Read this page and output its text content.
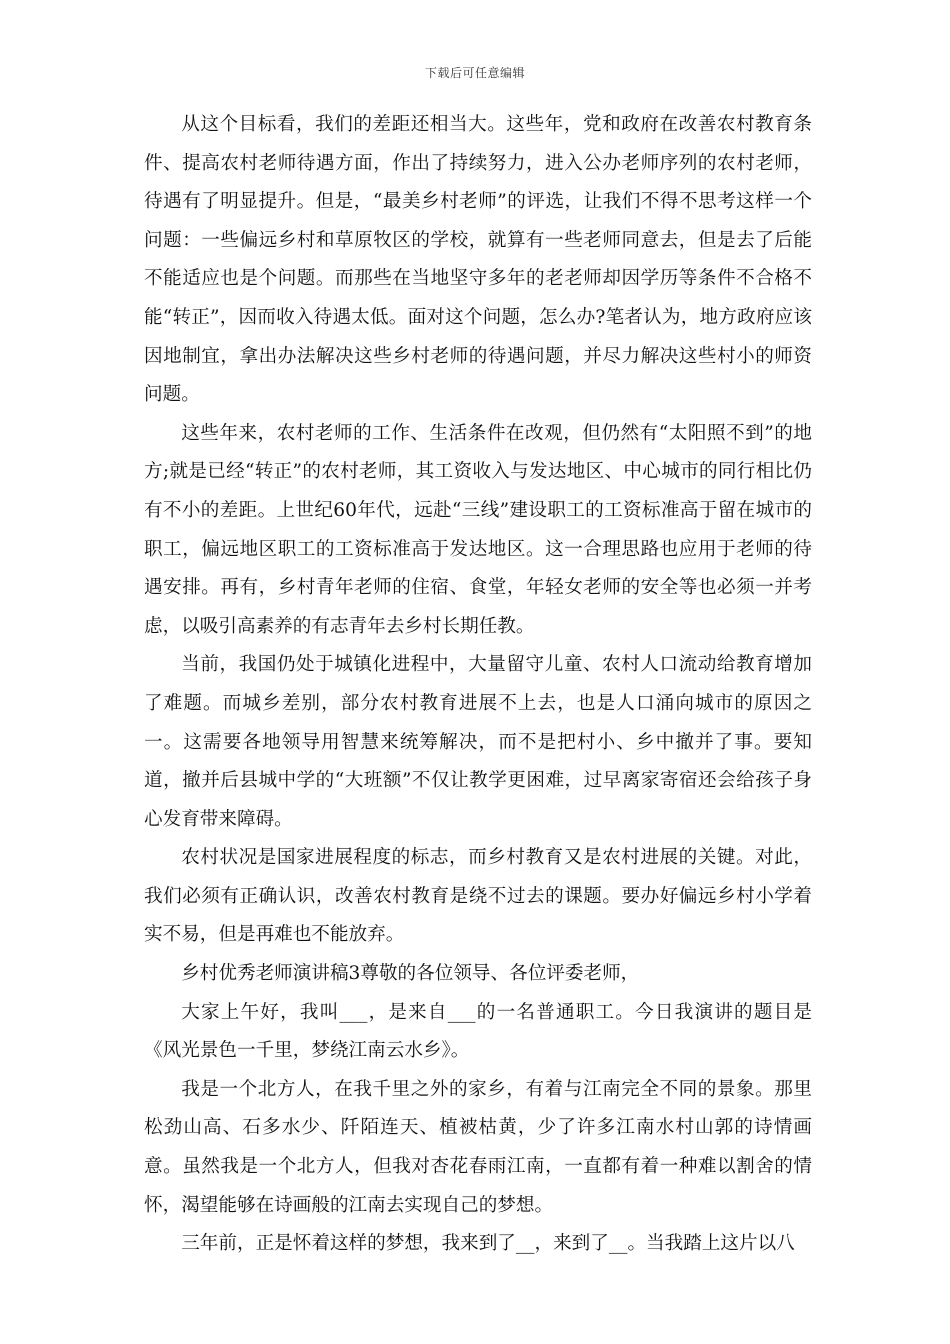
下载后可任意编辑

从这个目标看，我们的差距还相当大。这些年，党和政府在改善农村教育条件、提高农村老师待遇方面，作出了持续努力，进入公办老师序列的农村老师，待遇有了明显提升。但是，“最美乡村老师”的评选，让我们不得不思考这样一个问题：一些偏远乡村和草原牧区的学校，就算有一些老师同意去，但是去了后能不能适应也是个问题。而那些在当地坚守多年的老老师却因学历等条件不合格不能“转正”，因而收入待遇太低。面对这个问题，怎么办?笔者认为，地方政府应该因地制宜，拿出办法解决这些乡村老师的待遇问题，并尽力解决这些村小的师资问题。

这些年来，农村老师的工作、生活条件在改观，但仍然有“太阳照不到”的地方;就是已经“转正”的农村老师，其工资收入与发达地区、中心城市的同行相比仍有不小的差距。上世纪60年代，远赴“三线”建设职工的工资标准高于留在城市的职工，偏远地区职工的工资标准高于发达地区。这一合理思路也应用于老师的待遇安排。再有，乡村青年老师的住宿、食堂，年轻女老师的安全等也必须一并考虑，以吸引高素养的有志青年去乡村长期任教。

当前，我国仍处于城镇化进程中，大量留守儿童、农村人口流动给教育增加了难题。而城乡差别，部分农村教育进展不上去，也是人口涌向城市的原因之一。这需要各地领导用智慧来统筹解决，而不是把村小、乡中撤并了事。要知道，撤并后县城中学的“大班额”不仅让教学更困难，过早离家寄宿还会给孩子身心发育带来障碍。

农村状况是国家进展程度的标志，而乡村教育又是农村进展的关键。对此，我们必须有正确认识，改善农村教育是绕不过去的课题。要办好偏远乡村小学着实不易，但是再难也不能放弃。

乡村优秀老师演讲稿3尊敬的各位领导、各位评委老师，

大家上午好，我叫___，是来自___的一名普通职工。今日我演讲的题目是《风光景色一千里，梦绕江南云水乡》。

我是一个北方人，在我千里之外的家乡，有着与江南完全不同的景象。那里松劲山高、石多水少、阡陌连天、植被枯黄，少了许多江南水村山郭的诗情画意。虽然我是一个北方人，但我对杏花春雨江南，一直都有着一种难以割舍的情怀，渴望能够在诗画般的江南去实现自己的梦想。

三年前，正是怀着这样的梦想，我来到了__，来到了__。当我踏上这片以八
